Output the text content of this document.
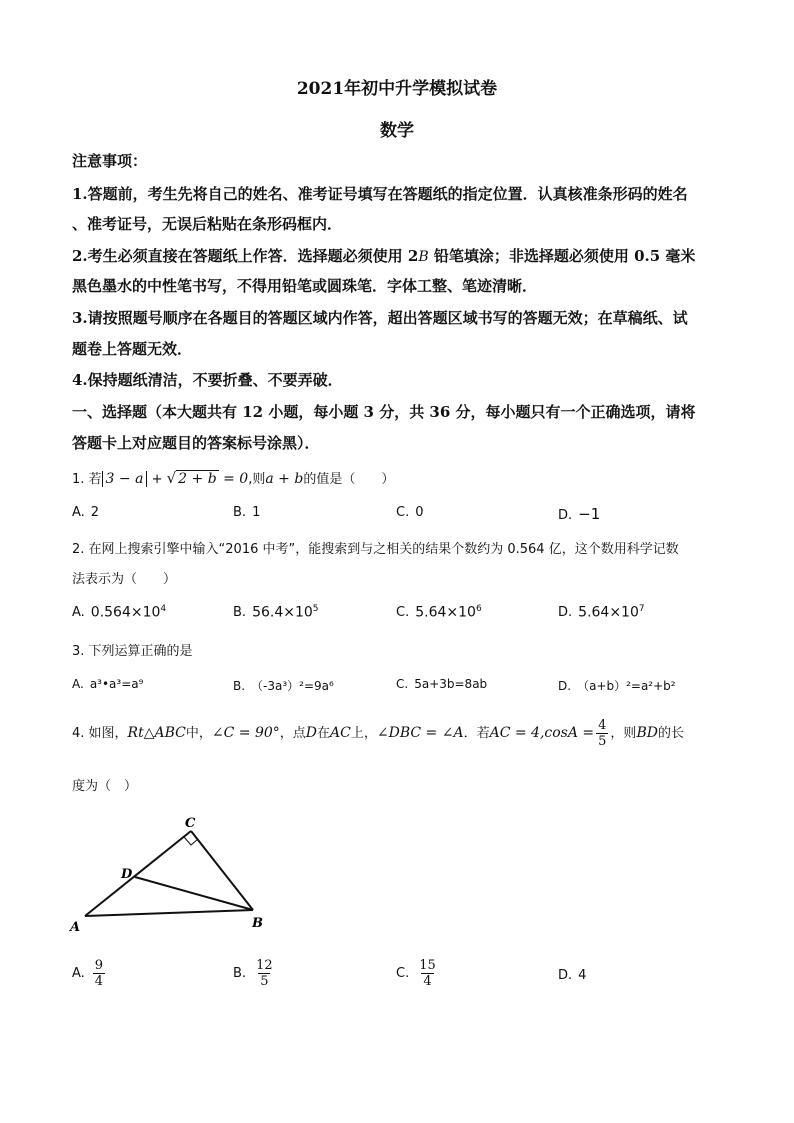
2021年初中升学模拟试卷
数学
注意事项：
1.答题前，考生先将自己的姓名、准考证号填写在答题纸的指定位置．认真核准条形码的姓名
、准考证号，无误后粘贴在条形码框内．
2.考生必须直接在答题纸上作答．选择题必须使用 2B 铅笔填涂；非选择题必须使用 0.5 毫米
黑色墨水的中性笔书写，不得用铅笔或圆珠笔．字体工整、笔迹清晰．
3.请按照题号顺序在各题目的答题区域内作答，超出答题区域书写的答题无效；在草稿纸、试
题卷上答题无效．
4.保持题纸清洁，不要折叠、不要弄破．
一、选择题（本大题共有 12 小题，每小题 3 分，共 36 分，每小题只有一个正确选项，请将
答题卡上对应题目的答案标号涂黑）．
1. 若 3 − a + √ 2 + b = 0,则a + b的值是（　　）
A. 2	B. 1	C. 0	D. −1
2. 在网上搜索引擎中输入“2016 中考”，能搜索到与之相关的结果个数约为 0.564 亿，这个数用科学记数
法表示为（　　）
A. $0.564\times 10^4$	B. $56.4\times 10^5$	C. $5.64\times 10^6$	D. $5.64\times 10^7$
3. 下列运算正确的是
A. a³•a³=a⁹	B. （-3a³）²=9a⁶	C. 5a+3b=8ab	D. （a+b）²=a²+b²
4. 如图，Rt△ABC中，∠C = 90°，点D在AC上，∠DBC = ∠A．若AC = $4,\cos A = \frac{4}{5}$ ，则BD的长
度为（　）
C
D
A	B
A. $\frac{9}{4}$	B. $\frac{12}{5}$	C. $\frac{15}{4}$	D. 4
